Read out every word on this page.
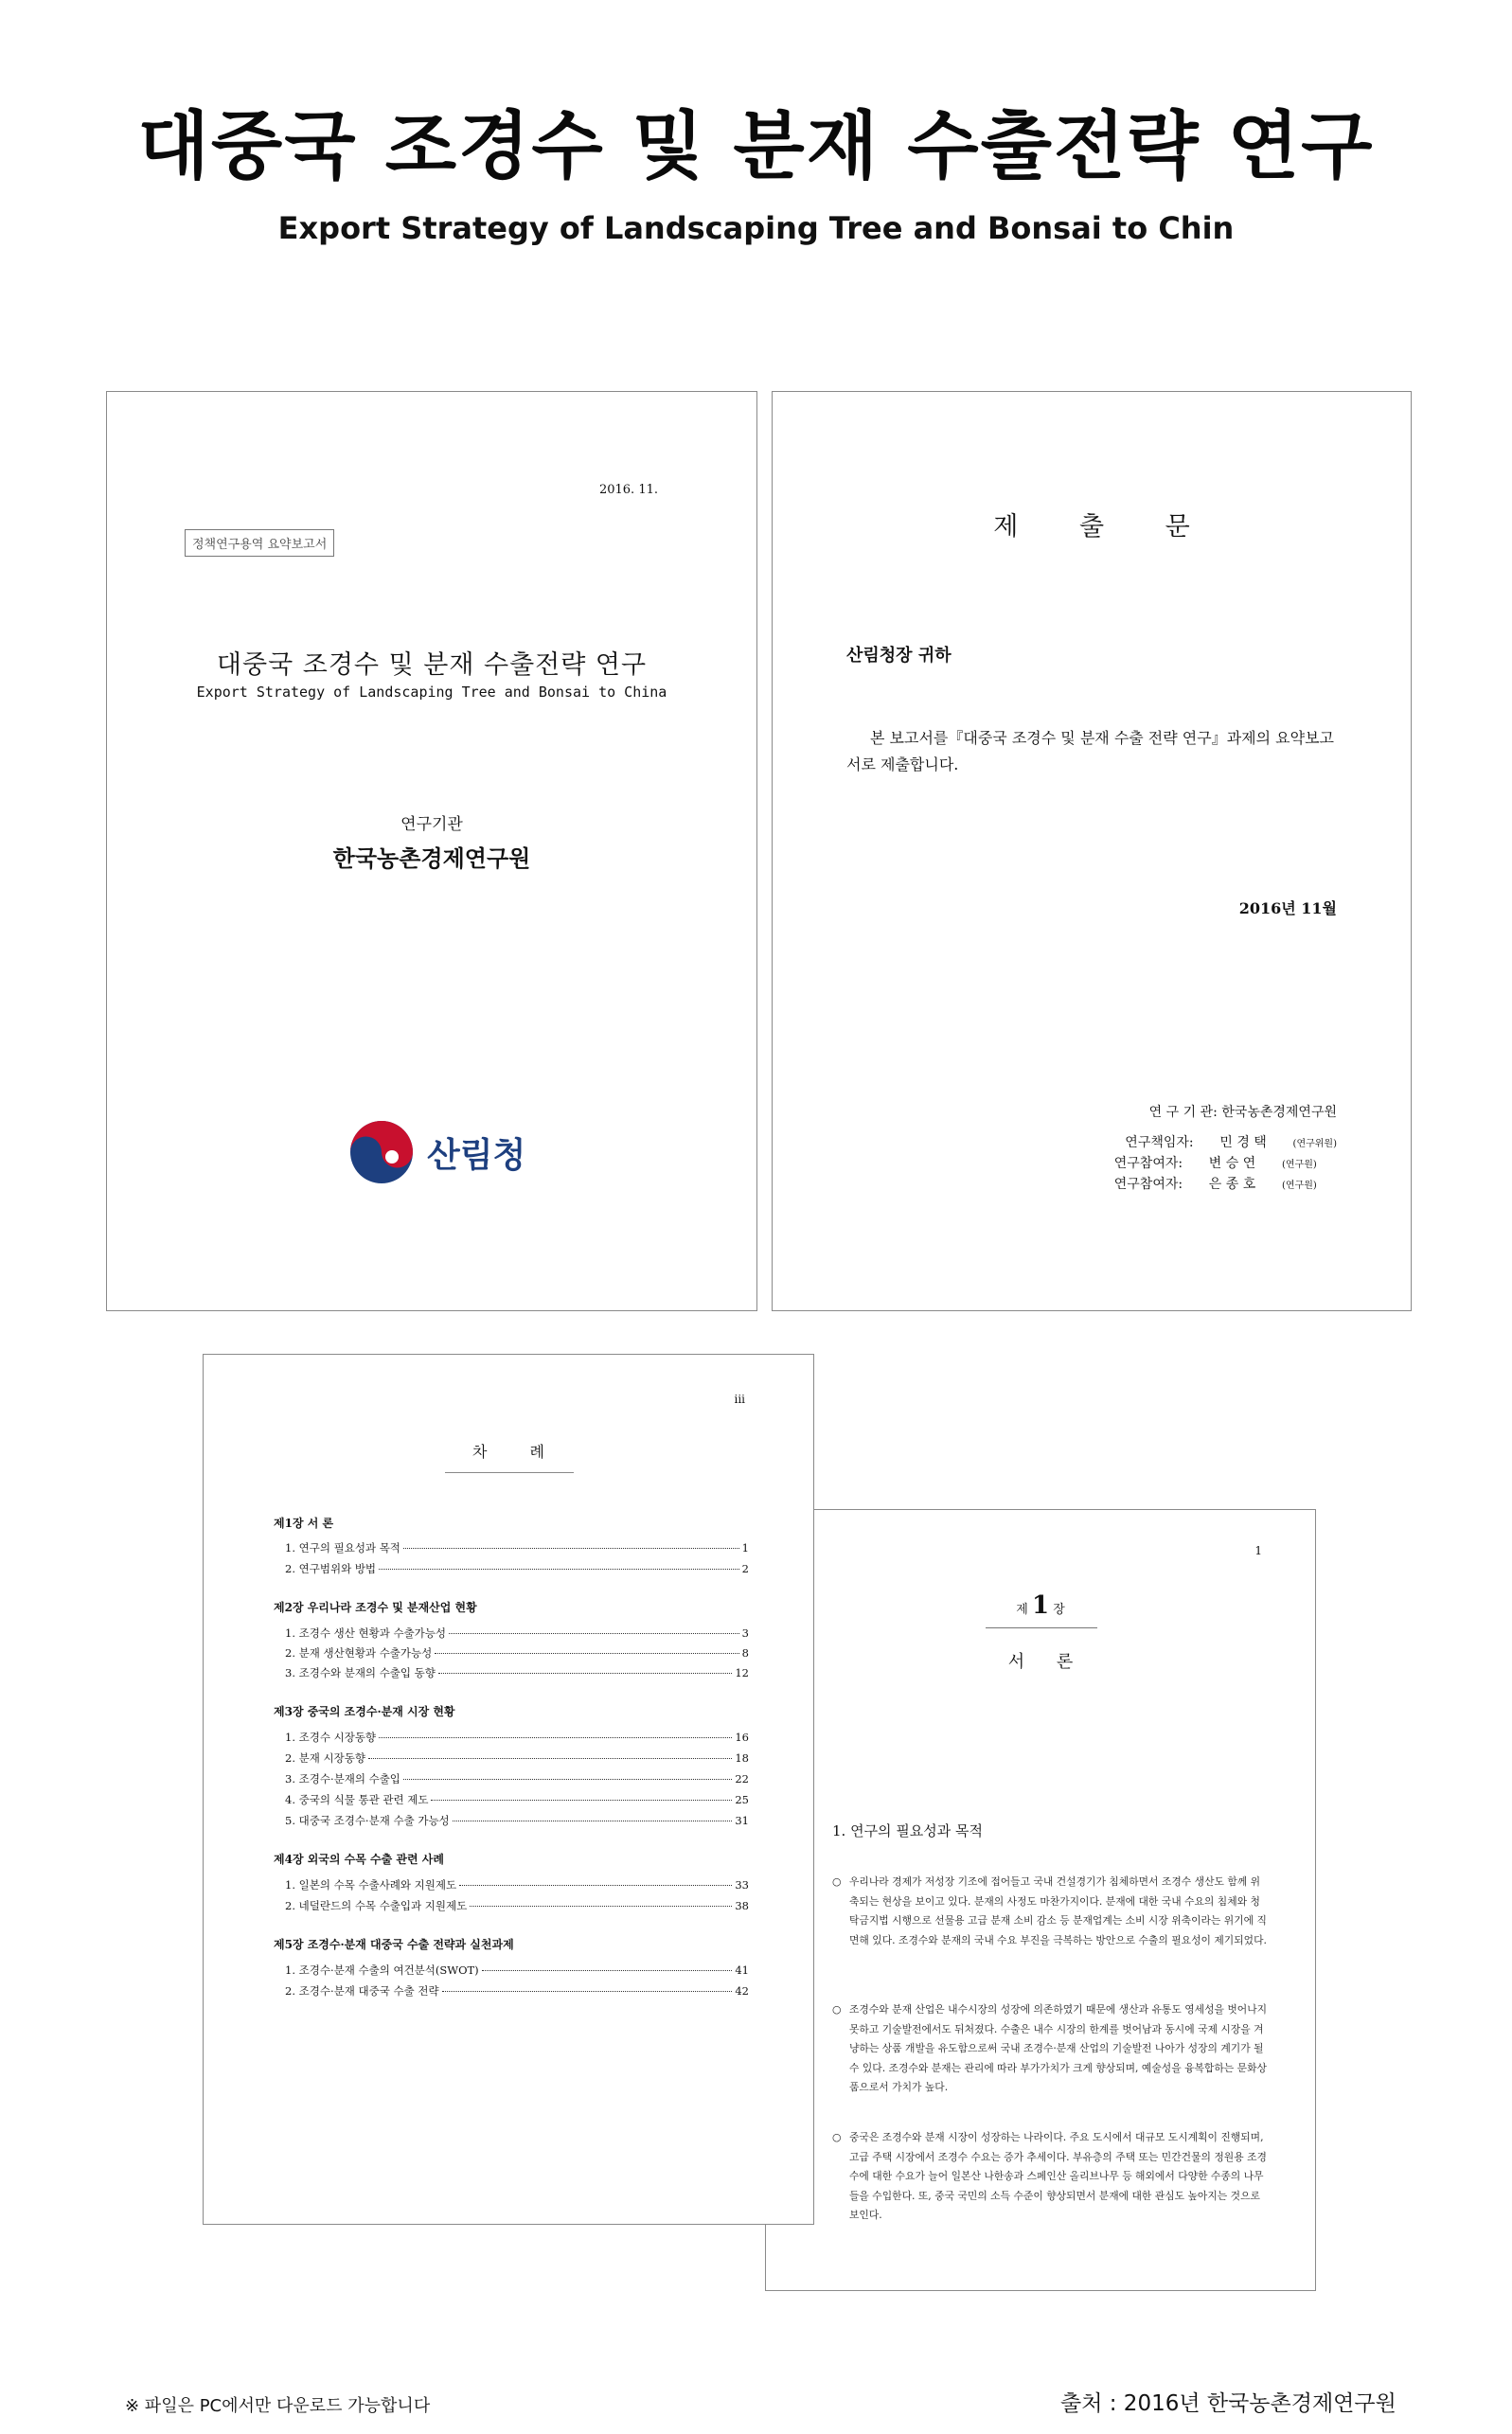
대중국 조경수 및 분재 수출전략 연구
Export Strategy of Landscaping Tree and Bonsai to Chin
2016. 11.
정책연구용역 요약보고서
대중국 조경수 및 분재 수출전략 연구
Export Strategy of Landscaping Tree and Bonsai to China
연구기관
한국농촌경제연구원
산림청
제 출 문
산림청장 귀하
본 보고서를『대중국 조경수 및 분재 수출 전략 연구』과제의 요약보고서로 제출합니다.
2016년 11월
연 구 기 관: 한국농촌경제연구원
연구책임자: 민 경 택	(연구위원)
연구참여자: 변 승 연	(연구원)
연구참여자: 은 종 호	(연구원)
1
제 1 장
서 론
1. 연구의 필요성과 목적
○ 우리나라 경제가 저성장 기조에 접어들고 국내 건설경기가 침체하면서 조경수 생산도 함께 위축되는 현상을 보이고 있다. 분재의 사정도 마찬가지이다. 분재에 대한 국내 수요의 침체와 청탁금지법 시행으로 선물용 고급 분재 소비 감소 등 분재업계는 소비 시장 위축이라는 위기에 직면해 있다. 조경수와 분재의 국내 수요 부진을 극복하는 방안으로 수출의 필요성이 제기되었다.
○ 조경수와 분재 산업은 내수시장의 성장에 의존하였기 때문에 생산과 유통도 영세성을 벗어나지 못하고 기술발전에서도 뒤처졌다. 수출은 내수 시장의 한계를 벗어남과 동시에 국제 시장을 겨냥하는 상품 개발을 유도함으로써 국내 조경수·분재 산업의 기술발전 나아가 성장의 계기가 될 수 있다. 조경수와 분재는 관리에 따라 부가가치가 크게 향상되며, 예술성을 융복합하는 문화상품으로서 가치가 높다.
○ 중국은 조경수와 분재 시장이 성장하는 나라이다. 주요 도시에서 대규모 도시계획이 진행되며, 고급 주택 시장에서 조경수 수요는 증가 추세이다. 부유층의 주택 또는 민간건물의 정원용 조경수에 대한 수요가 늘어 일본산 나한송과 스페인산 올리브나무 등 해외에서 다양한 수종의 나무들을 수입한다. 또, 중국 국민의 소득 수준이 향상되면서 분재에 대한 관심도 높아지는 것으로 보인다.
iii
차 례
제1장 서 론
1. 연구의 필요성과 목적	1
2. 연구범위와 방법	2
제2장 우리나라 조경수 및 분재산업 현황
1. 조경수 생산 현황과 수출가능성	3
2. 분재 생산현황과 수출가능성	8
3. 조경수와 분재의 수출입 동향	12
제3장 중국의 조경수·분재 시장 현황
1. 조경수 시장동향	16
2. 분재 시장동향	18
3. 조경수·분재의 수출입	22
4. 중국의 식물 통관 관련 제도	25
5. 대중국 조경수·분재 수출 가능성	31
제4장 외국의 수목 수출 관련 사례
1. 일본의 수목 수출사례와 지원제도	33
2. 네덜란드의 수목 수출입과 지원제도	38
제5장 조경수·분재 대중국 수출 전략과 실천과제
1. 조경수·분재 수출의 여건분석(SWOT)	41
2. 조경수·분재 대중국 수출 전략	42
※ 파일은 PC에서만 다운로드 가능합니다	출처 : 2016년 한국농촌경제연구원
